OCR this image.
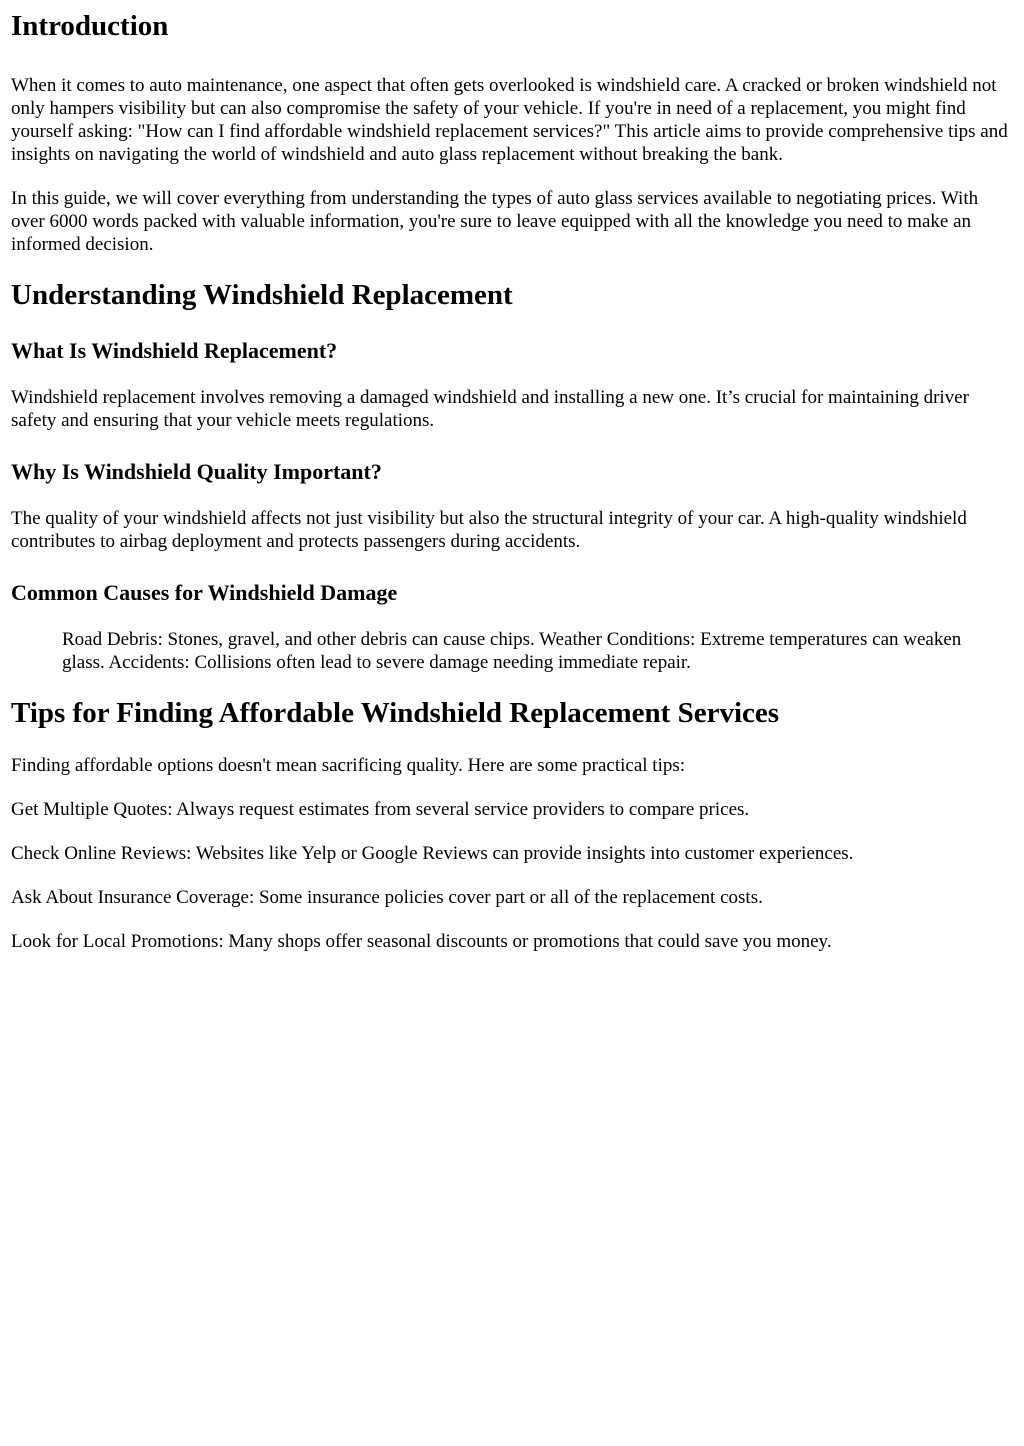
Introduction

When it comes to auto maintenance, one aspect that often gets overlooked is windshield care. A cracked or broken windshield not only hampers visibility but can also compromise the safety of your vehicle. If you're in need of a replacement, you might find yourself asking: "How can I find affordable windshield replacement services?" This article aims to provide comprehensive tips and insights on navigating the world of windshield and auto glass replacement without breaking the bank.

In this guide, we will cover everything from understanding the types of auto glass services available to negotiating prices. With over 6000 words packed with valuable information, you're sure to leave equipped with all the knowledge you need to make an informed decision.

Understanding Windshield Replacement
What Is Windshield Replacement?

Windshield replacement involves removing a damaged windshield and installing a new one. It’s crucial for maintaining driver safety and ensuring that your vehicle meets regulations.

Why Is Windshield Quality Important?

The quality of your windshield affects not just visibility but also the structural integrity of your car. A high-quality windshield contributes to airbag deployment and protects passengers during accidents.

Common Causes for Windshield Damage

Road Debris: Stones, gravel, and other debris can cause chips. Weather Conditions: Extreme temperatures can weaken glass. Accidents: Collisions often lead to severe damage needing immediate repair.

Tips for Finding Affordable Windshield Replacement Services

Finding affordable options doesn't mean sacrificing quality. Here are some practical tips:

Get Multiple Quotes: Always request estimates from several service providers to compare prices.

Check Online Reviews: Websites like Yelp or Google Reviews can provide insights into customer experiences.

Ask About Insurance Coverage: Some insurance policies cover part or all of the replacement costs.

Look for Local Promotions: Many shops offer seasonal discounts or promotions that could save you money.
